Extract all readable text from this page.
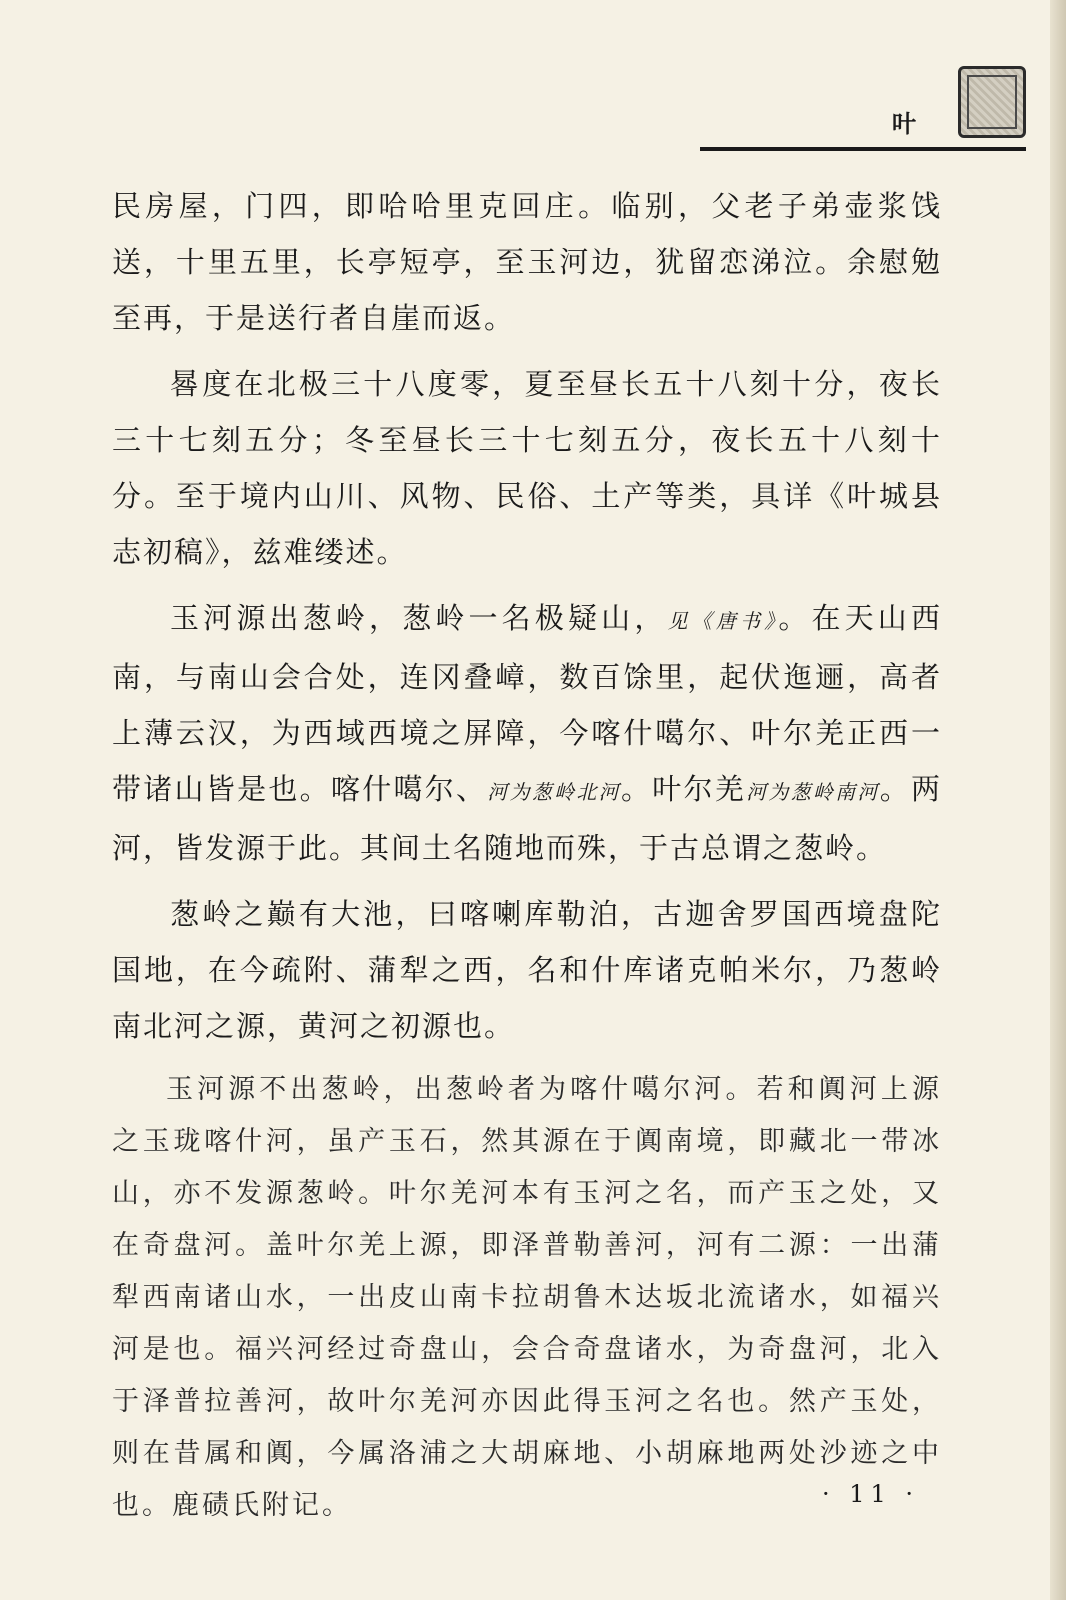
叶

民房屋，门四，即哈哈里克回庄。临别，父老子弟壶浆饯送，十里五里，长亭短亭，至玉河边，犹留恋涕泣。余慰勉至再，于是送行者自崖而返。

晷度在北极三十八度零，夏至昼长五十八刻十分，夜长三十七刻五分；冬至昼长三十七刻五分，夜长五十八刻十分。至于境内山川、风物、民俗、土产等类，具详《叶城县志初稿》，兹难缕述。

玉河源出葱岭，葱岭一名极疑山，见《唐书》。在天山西南，与南山会合处，连冈叠嶂，数百馀里，起伏迤逦，高者上薄云汉，为西域西境之屏障，今喀什噶尔、叶尔羌正西一带诸山皆是也。喀什噶尔、河为葱岭北河。叶尔羌河为葱岭南河。两河，皆发源于此。其间土名随地而殊，于古总谓之葱岭。

葱岭之巅有大池，曰喀喇库勒泊，古迦舍罗国西境盘陀国地，在今疏附、蒲犁之西，名和什库诸克帕米尔，乃葱岭南北河之源，黄河之初源也。

玉河源不出葱岭，出葱岭者为喀什噶尔河。若和阗河上源之玉珑喀什河，虽产玉石，然其源在于阗南境，即藏北一带冰山，亦不发源葱岭。叶尔羌河本有玉河之名，而产玉之处，又在奇盘河。盖叶尔羌上源，即泽普勒善河，河有二源：一出蒲犁西南诸山水，一出皮山南卡拉胡鲁木达坂北流诸水，如福兴河是也。福兴河经过奇盘山，会合奇盘诸水，为奇盘河，北入于泽普拉善河，故叶尔羌河亦因此得玉河之名也。然产玉处，则在昔属和阗，今属洛浦之大胡麻地、小胡麻地两处沙迹之中也。鹿碛氏附记。	· 11 ·
